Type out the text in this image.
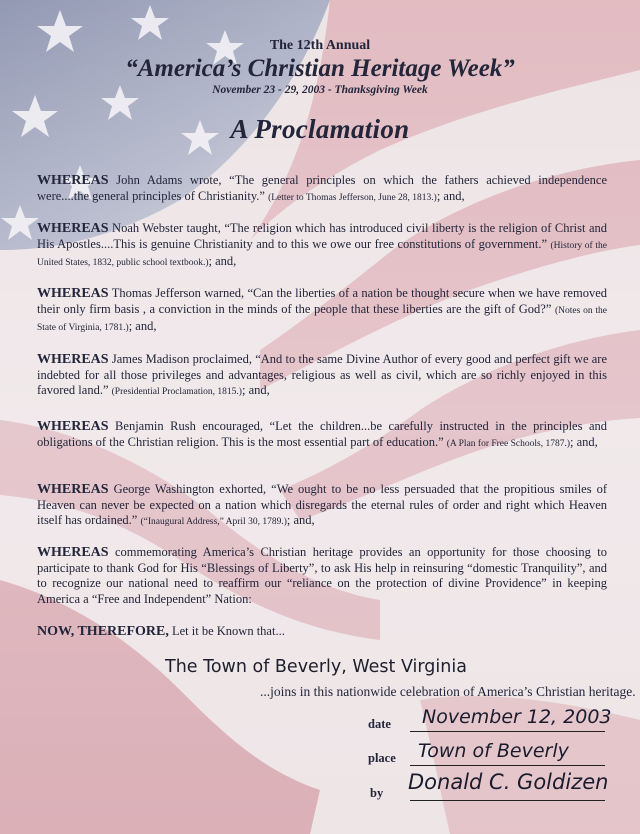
The 12th Annual

“America’s Christian Heritage Week”

November 23 - 29, 2003 - Thanksgiving Week

A Proclamation

WHEREAS John Adams wrote, “The general principles on which the fathers achieved independence were....the general principles of Christianity.” (Letter to Thomas Jefferson, June 28, 1813.); and,

WHEREAS Noah Webster taught, “The religion which has introduced civil liberty is the religion of Christ and His Apostles....This is genuine Christianity and to this we owe our free constitutions of government.” (History of the United States, 1832, public school textbook.); and,

WHEREAS Thomas Jefferson warned, “Can the liberties of a nation be thought secure when we have removed their only firm basis , a conviction in the minds of the people that these liberties are the gift of God?” (Notes on the State of Virginia, 1781.); and,

WHEREAS James Madison proclaimed, “And to the same Divine Author of every good and perfect gift we are indebted for all those privileges and advantages, religious as well as civil, which are so richly enjoyed in this favored land.” (Presidential Proclamation, 1815.); and,

WHEREAS Benjamin Rush encouraged, “Let the children...be carefully instructed in the principles and obligations of the Christian religion. This is the most essential part of education.” (A Plan for Free Schools, 1787.); and,

WHEREAS George Washington exhorted, “We ought to be no less persuaded that the propitious smiles of Heaven can never be expected on a nation which disregards the eternal rules of order and right which Heaven itself has ordained.” (“Inaugural Address,” April 30, 1789.); and,

WHEREAS commemorating America’s Christian heritage provides an opportunity for those choosing to participate to thank God for His “Blessings of Liberty”, to ask His help in reinsuring “domestic Tranquility”, and to recognize our national need to reaffirm our “reliance on the protection of divine Providence” in keeping America a “Free and Independent” Nation:

NOW, THEREFORE, Let it be Known that...

The Town of Beverly, West Virginia

...joins in this nationwide celebration of America’s Christian heritage.

date November 12, 2003
place Town of Beverly
by Donald C. Goldizen
